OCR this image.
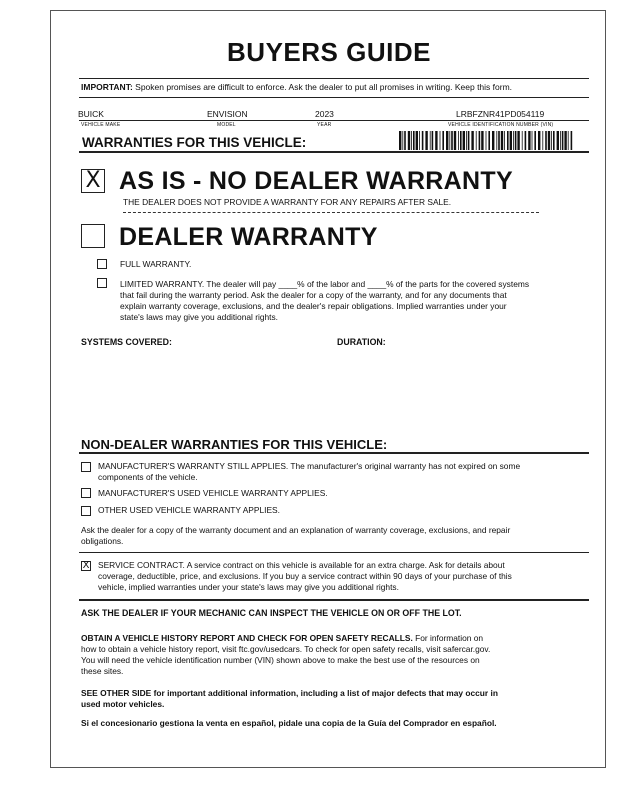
BUYERS GUIDE
IMPORTANT: Spoken promises are difficult to enforce. Ask the dealer to put all promises in writing. Keep this form.
BUICK	ENVISION	2023	LRBFZNR41PD054119
VEHICLE MAKE	MODEL	YEAR	VEHICLE IDENTIFICATION NUMBER (VIN)
WARRANTIES FOR THIS VEHICLE:
X AS IS - NO DEALER WARRANTY
THE DEALER DOES NOT PROVIDE A WARRANTY FOR ANY REPAIRS AFTER SALE.
DEALER WARRANTY
FULL WARRANTY.
LIMITED WARRANTY. The dealer will pay ____% of the labor and ____% of the parts for the covered systems
that fail during the warranty period. Ask the dealer for a copy of the warranty, and for any documents that
explain warranty coverage, exclusions, and the dealer's repair obligations. Implied warranties under your
state's laws may give you additional rights.
SYSTEMS COVERED:	DURATION:
NON-DEALER WARRANTIES FOR THIS VEHICLE:
MANUFACTURER'S WARRANTY STILL APPLIES. The manufacturer's original warranty has not expired on some
components of the vehicle.
MANUFACTURER'S USED VEHICLE WARRANTY APPLIES.
OTHER USED VEHICLE WARRANTY APPLIES.
Ask the dealer for a copy of the warranty document and an explanation of warranty coverage, exclusions, and repair
obligations.
X SERVICE CONTRACT. A service contract on this vehicle is available for an extra charge. Ask for details about
coverage, deductible, price, and exclusions. If you buy a service contract within 90 days of your purchase of this
vehicle, implied warranties under your state's laws may give you additional rights.
ASK THE DEALER IF YOUR MECHANIC CAN INSPECT THE VEHICLE ON OR OFF THE LOT.
OBTAIN A VEHICLE HISTORY REPORT AND CHECK FOR OPEN SAFETY RECALLS. For information on
how to obtain a vehicle history report, visit ftc.gov/usedcars. To check for open safety recalls, visit safercar.gov.
You will need the vehicle identification number (VIN) shown above to make the best use of the resources on
these sites.
SEE OTHER SIDE for important additional information, including a list of major defects that may occur in
used motor vehicles.
Si el concesionario gestiona la venta en español, pidale una copia de la Guía del Comprador en español.
